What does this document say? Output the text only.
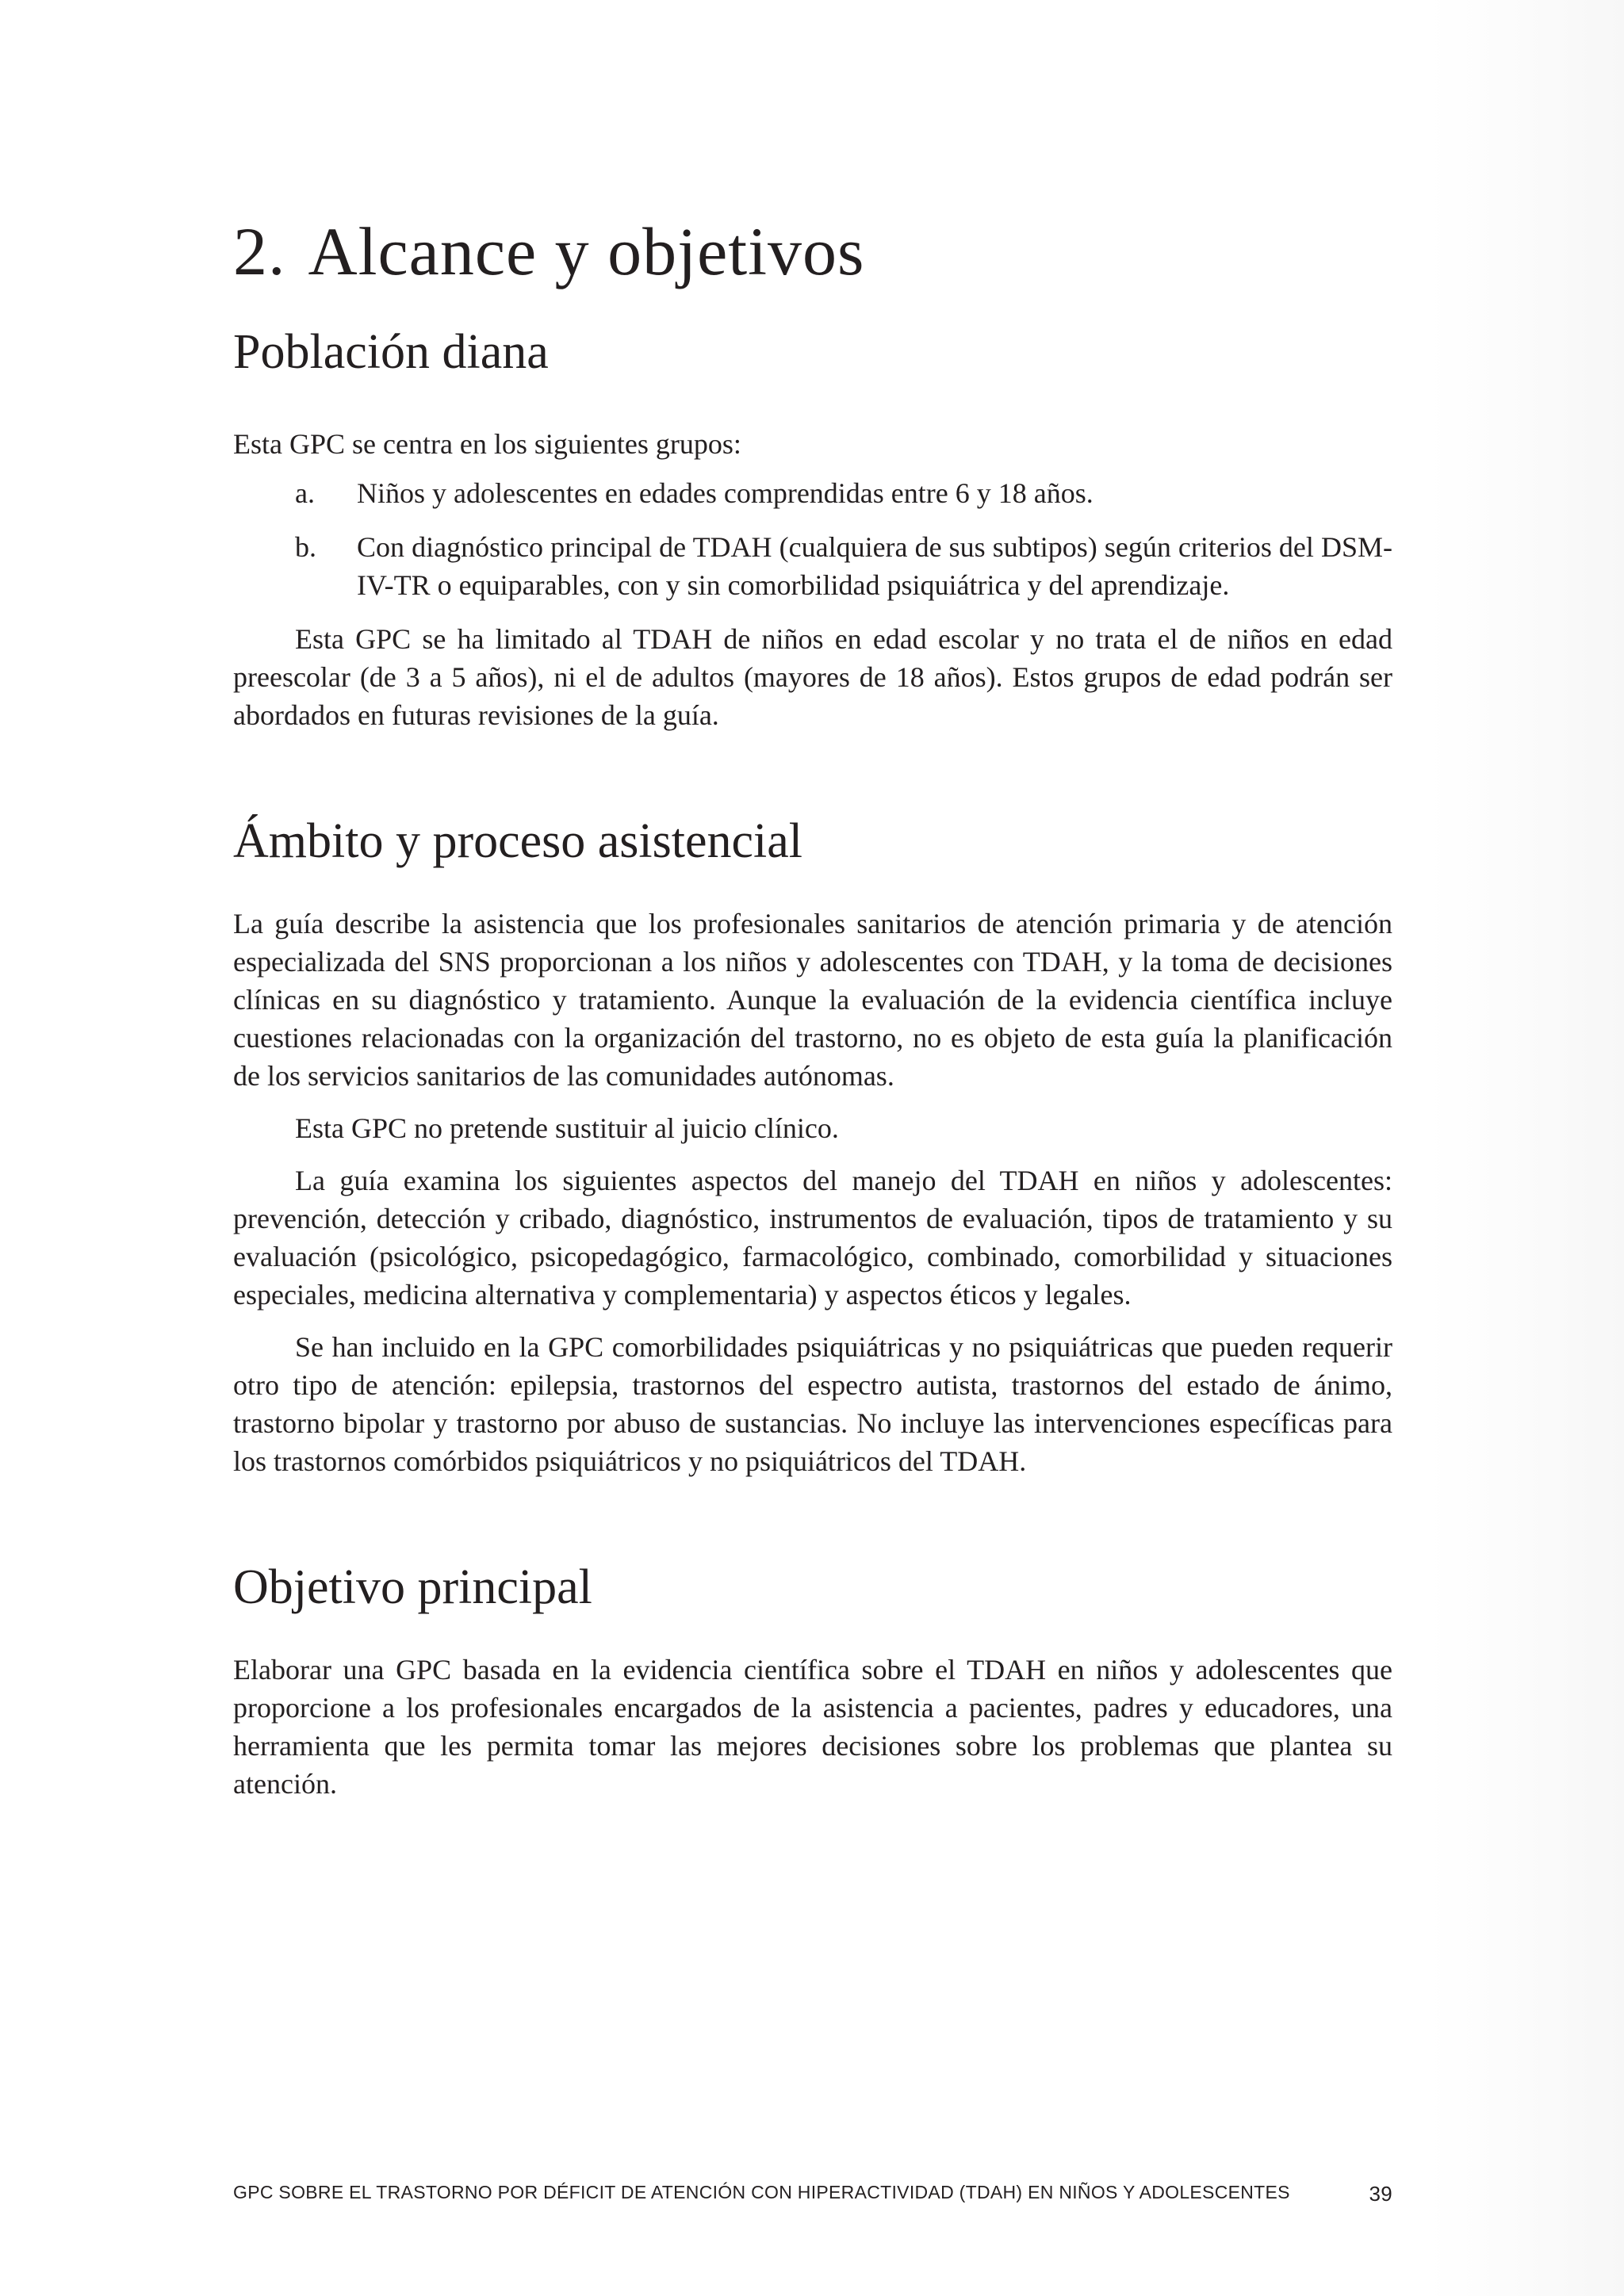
2. Alcance y objetivos
Población diana

Esta GPC se centra en los siguientes grupos:

a.	Niños y adolescentes en edades comprendidas entre 6 y 18 años.
b.	Con diagnóstico principal de TDAH (cualquiera de sus subtipos) según criterios del DSM-IV-TR o equiparables, con y sin comorbilidad psiquiátrica y del aprendizaje.

Esta GPC se ha limitado al TDAH de niños en edad escolar y no trata el de niños en edad preescolar (de 3 a 5 años), ni el de adultos (mayores de 18 años). Estos grupos de edad podrán ser abordados en futuras revisiones de la guía.

Ámbito y proceso asistencial

La guía describe la asistencia que los profesionales sanitarios de atención primaria y de atención especializada del SNS proporcionan a los niños y adolescentes con TDAH, y la toma de decisiones clínicas en su diagnóstico y tratamiento. Aunque la evaluación de la evidencia científica incluye cuestiones relacionadas con la organización del trastorno, no es objeto de esta guía la planificación de los servicios sanitarios de las comunidades autónomas.

Esta GPC no pretende sustituir al juicio clínico.

La guía examina los siguientes aspectos del manejo del TDAH en niños y adolescentes: prevención, detección y cribado, diagnóstico, instrumentos de evaluación, tipos de tratamiento y su evaluación (psicológico, psicopedagógico, farmacológico, combinado, comorbilidad y situaciones especiales, medicina alternativa y complementaria) y aspectos éticos y legales.

Se han incluido en la GPC comorbilidades psiquiátricas y no psiquiátricas que pueden requerir otro tipo de atención: epilepsia, trastornos del espectro autista, trastornos del estado de ánimo, trastorno bipolar y trastorno por abuso de sustancias. No incluye las intervenciones específicas para los trastornos comórbidos psiquiátricos y no psiquiátricos del TDAH.

Objetivo principal

Elaborar una GPC basada en la evidencia científica sobre el TDAH en niños y adolescentes que proporcione a los profesionales encargados de la asistencia a pacientes, padres y educadores, una herramienta que les permita tomar las mejores decisiones sobre los problemas que plantea su atención.

GPC SOBRE EL TRASTORNO POR DÉFICIT DE ATENCIÓN CON HIPERACTIVIDAD (TDAH) EN NIÑOS Y ADOLESCENTES	39
